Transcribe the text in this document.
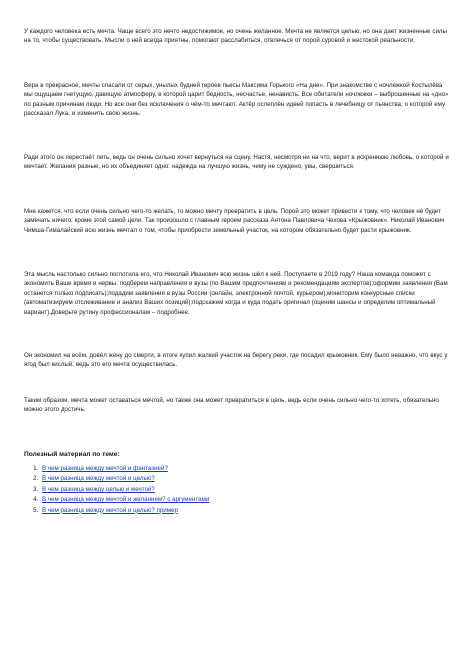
У каждого человека есть мечта. Чаще всего это нечто недостижимое, но очень желанное. Мечта не является целью, но она дает жизненные силы на то, чтобы существовать. Мысли о ней всегда приятны, помогают расслабиться, отвлечься от порой суровой и жестокой реальности.

Вера в прекрасное, мечты спасали от серых, унылых будней героев пьесы Максима Горького «На дне». При знакомстве с ночлежкой Костылёва мы ощущаем гнетущую, давящую атмосферу, в которой царит бедность, несчастье, ненависть. Все обитатели ночлежки – выброшенные на «дно» по разным причинам люди. Но все они без исключения о чём-то мечтают. Актёр ослеплён идеей попасть в лечебницу от пьянства, о которой ему рассказал Лука, и изменить свою жизнь.

Ради этого он перестаёт пить, ведь он очень сильно хочет вернуться на сцену. Настя, несмотря ни на что, верит в искреннюю любовь, о которой и мечтает. Желания разные, но их объединяет одно: надежда на лучшую жизнь, чему не суждено, увы, свершиться.

Мне кажется, что если очень сильно чего-то желать, то можно мечту превратить в цель. Порой это может привести к тому, что человек не будет замечать ничего, кроме этой самой цели. Так произошло с главным героем рассказа Антона Павловича Чехова «Крыжовник». Николай Иванович Чимша-Гималайский всю жизнь мечтал о том, чтобы приобрести земельный участок, на котором обязательно будет расти крыжовник.

Эта мысль настолько сильно поглотила его, что Николай Иванович всю жизнь шёл к ней. Поступаете в 2019 году? Наша команда поможет с экономить Ваше время и нервы: подберем направления и вузы (по Вашим предпочтениям и рекомендациям экспертов);оформим заявления (Вам останется только подписать);подадим заявления в вузы России (онлайн, электронной почтой, курьером);мониторим конкурсные списки (автоматизируем отслеживание и анализ Ваших позиций);подскажем когда и куда подать оригинал (оценим шансы и определим оптимальный вариант).Доверьте рутину профессионалам – подробнее.

Он экономил на всём, довёл жену до смерти, в итоге купил жалкий участок на берегу реки, где посадил крыжовник. Ему было неважно, что вкус у ягод был кислый, ведь это его мечта осуществилась.

Таким образом, мечта может оставаться мечтой, но также она может превратиться в цель, ведь если очень сильно чего-то хотеть, обязательно можно этого достичь.

Полезный материал по теме:

1. В чем разница между мечтой и фантазией?
2. В чем разница между мечтой и целью?
3. В чем разница между целью и мечтой?
4. В чем разница между мечтой и желанием? с аргументами
5. В чем разница между мечтой и целью? пример
